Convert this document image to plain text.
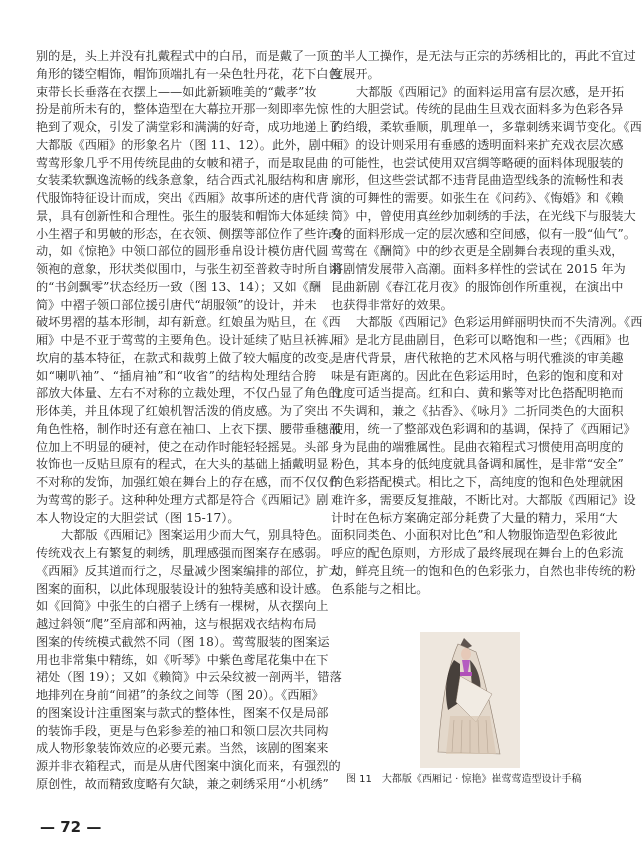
别的是，头上并没有扎戴程式中的白吊，而是戴了一顶三
角形的镂空帽饰，帽饰顶端扎有一朵色牡丹花，花下白色
束带长长垂落在衣摆上——如此新颖唯美的“戴孝”妆
扮是前所未有的，整体造型在大幕拉开那一刻即率先惊
艳到了观众，引发了满堂彩和满满的好奇，成功地递上了
大都版《西厢》的形象名片（图 11、12）。此外，剧中
莺莺形象几乎不用传统昆曲的女帔和裙子，而是取昆曲
女装柔软飘逸流畅的线条意象，结合西式礼服结构和唐
代服饰特征设计而成，突出《西厢》故事所述的唐代背
景，具有创新性和合理性。张生的服装和帽饰大体延续
小生褶子和男帔的形态，在衣领、侧摆等部位作了些许改
动，如《惊艳》中领口部位的圆形垂帛设计模仿唐代圆
领袍的意象，形状类似围巾，与张生初至普救寺时所自诩
的“书剑飘零”状态经历一致（图 13、14）；又如《酬
简》中褶子领口部位援引唐代“胡服领”的设计，并未
破坏男褶的基本形制，却有新意。红娘虽为贴旦，在《西
厢》中是不亚于莺莺的主要角色。设计延续了贴旦袄裤、
坎肩的基本特征，在款式和裁剪上做了较大幅度的改变。
如“喇叭袖”、“插肩袖”和“收省”的结构处理结合胯
部放大体量、左右不对称的立裁处理，不仅凸显了角色的
形体美，并且体现了红娘机智活泼的俏皮感。为了突出
角色性格，制作时还有意在袖口、上衣下摆、腰带垂穗部
位加上不明显的硬衬，使之在动作时能轻轻摇晃。头部
妆饰也一反贴旦原有的程式，在大头的基础上插戴明显
不对称的发饰，加强红娘在舞台上的存在感，而不仅仅作
为莺莺的影子。这种种处理方式都是符合《西厢记》剧
本人物设定的大胆尝试（图 15-17）。
大都版《西厢记》图案运用少而大气，别具特色。
传统戏衣上有繁复的刺绣，肌理感强而图案存在感弱。
《西厢》反其道而行之，尽量减少图案编排的部位，扩大
图案的面积，以此体现服装设计的独特美感和设计感。
如《回简》中张生的白褶子上绣有一棵树，从衣摆向上
越过斜领“爬”至肩部和两袖，这与根据戏衣结构布局
图案的传统模式截然不同（图 18）。莺莺服装的图案运
用也非常集中精练，如《听琴》中紫色鸢尾花集中在下
裙处（图 19）；又如《赖简》中云朵纹被一剖两半，错落
地排列在身前“间裙”的条纹之间等（图 20）。《西厢》
的图案设计注重图案与款式的整体性，图案不仅是局部
的装饰手段，更是与色彩参差的袖口和领口层次共同构
成人物形象装饰效应的必要元素。当然，该剧的图案来
源并非衣箱程式，而是从唐代图案中演化而来，有强烈的
原创性，故而精致度略有欠缺，兼之刺绣采用“小机绣”
的半人工操作，是无法与正宗的苏绣相比的，再此不宜过
度展开。
大都版《西厢记》的面料运用富有层次感，是开拓
性的大胆尝试。传统的昆曲生旦戏衣面料多为色彩各异
的绉缎，柔软垂顺，肌理单一，多靠刺绣来调节变化。《西
厢》的设计则采用有垂感的透明面料来扩充戏衣层次感
的可能性，也尝试使用双宫绸等略硬的面料体现服装的
廓形，但这些尝试都不违背昆曲造型线条的流畅性和表
演的可舞性的需要。如张生在《问药》、《悔婚》和《赖
简》中，曾使用真丝纱加刺绣的手法，在光线下与服装大
身的面料形成一定的层次感和空间感，似有一股“仙气”。
莺莺在《酬简》中的纱衣更是全剧舞台表现的重头戏，
将剧情发展带入高潮。面料多样性的尝试在 2015 年为
昆曲新剧《春江花月夜》的服饰创作所重视，在演出中
也获得非常好的效果。
大都版《西厢记》色彩运用鲜丽明快而不失清冽。《西
厢》是北方昆曲剧目，色彩可以略饱和一些；《西厢》也
是唐代背景，唐代秾艳的艺术风格与明代雅淡的审美趣
味是有距离的。因此在色彩运用时，色彩的饱和度和对
比度可适当提高。红和白、黄和紫等对比色搭配明艳而
不失调和，兼之《拈香》、《咏月》二折同类色的大面积
使用，统一了整部戏色彩调和的基调，保持了《西厢记》
身为昆曲的端雅属性。昆曲衣箱程式习惯使用高明度的
粉色，其本身的低纯度就具备调和属性，是非常“安全”
的色彩搭配模式。相比之下，高纯度的饱和色处理就困
难许多，需要反复推敲，不断比对。大都版《西厢记》设
计时在色标方案确定部分耗费了大量的精力，采用“大
面积同类色、小面积对比色”和人物服饰造型色彩彼此
呼应的配色原则，方形成了最终展现在舞台上的色彩流
动，鲜亮且统一的饱和色的色彩张力，自然也非传统的粉
色系能与之相比。
图 11 大都版《西厢记 · 惊艳》崔莺莺造型设计手稿
— 72 —
